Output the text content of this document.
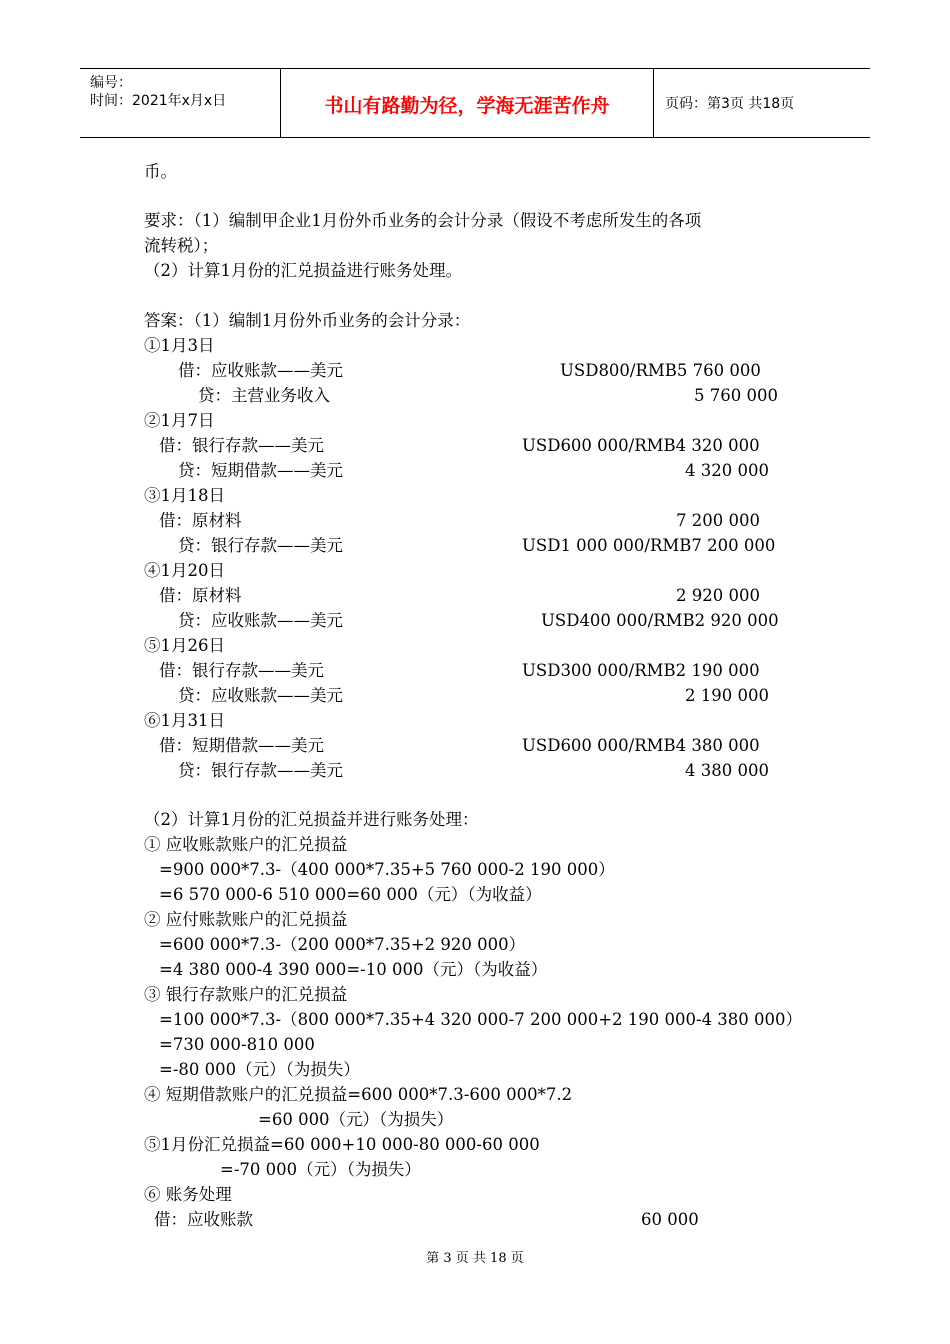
编号：
时间：2021年x月x日	书山有路勤为径，学海无涯苦作舟	页码：第3页 共18页
币。
要求：（1）编制甲企业1月份外币业务的会计分录（假设不考虑所发生的各项
流转税）；
（2）计算1月份的汇兑损益进行账务处理。
答案：（1）编制1月份外币业务的会计分录：
①1月3日
借：应收账款——美元	USD800/RMB5 760 000
贷：主营业务收入	5 760 000
②1月7日
借：银行存款——美元	USD600 000/RMB4 320 000
贷：短期借款——美元	4 320 000
③1月18日
借：原材料	7 200 000
贷：银行存款——美元	USD1 000 000/RMB7 200 000
④1月20日
借：原材料	2 920 000
贷：应收账款——美元	USD400 000/RMB2 920 000
⑤1月26日
借：银行存款——美元	USD300 000/RMB2 190 000
贷：应收账款——美元	2 190 000
⑥1月31日
借：短期借款——美元	USD600 000/RMB4 380 000
贷：银行存款——美元	4 380 000
（2）计算1月份的汇兑损益并进行账务处理：
① 应收账款账户的汇兑损益
=900 000*7.3-（400 000*7.35+5 760 000-2 190 000）
=6 570 000-6 510 000=60 000（元）（为收益）
② 应付账款账户的汇兑损益
=600 000*7.3-（200 000*7.35+2 920 000）
=4 380 000-4 390 000=-10 000（元）（为收益）
③ 银行存款账户的汇兑损益
=100 000*7.3-（800 000*7.35+4 320 000-7 200 000+2 190 000-4 380 000）
=730 000-810 000
=-80 000（元）（为损失）
④ 短期借款账户的汇兑损益=600 000*7.3-600 000*7.2
=60 000（元）（为损失）
⑤1月份汇兑损益=60 000+10 000-80 000-60 000
=-70 000（元）（为损失）
⑥ 账务处理
借：应收账款	60 000
第 3 页 共 18 页
